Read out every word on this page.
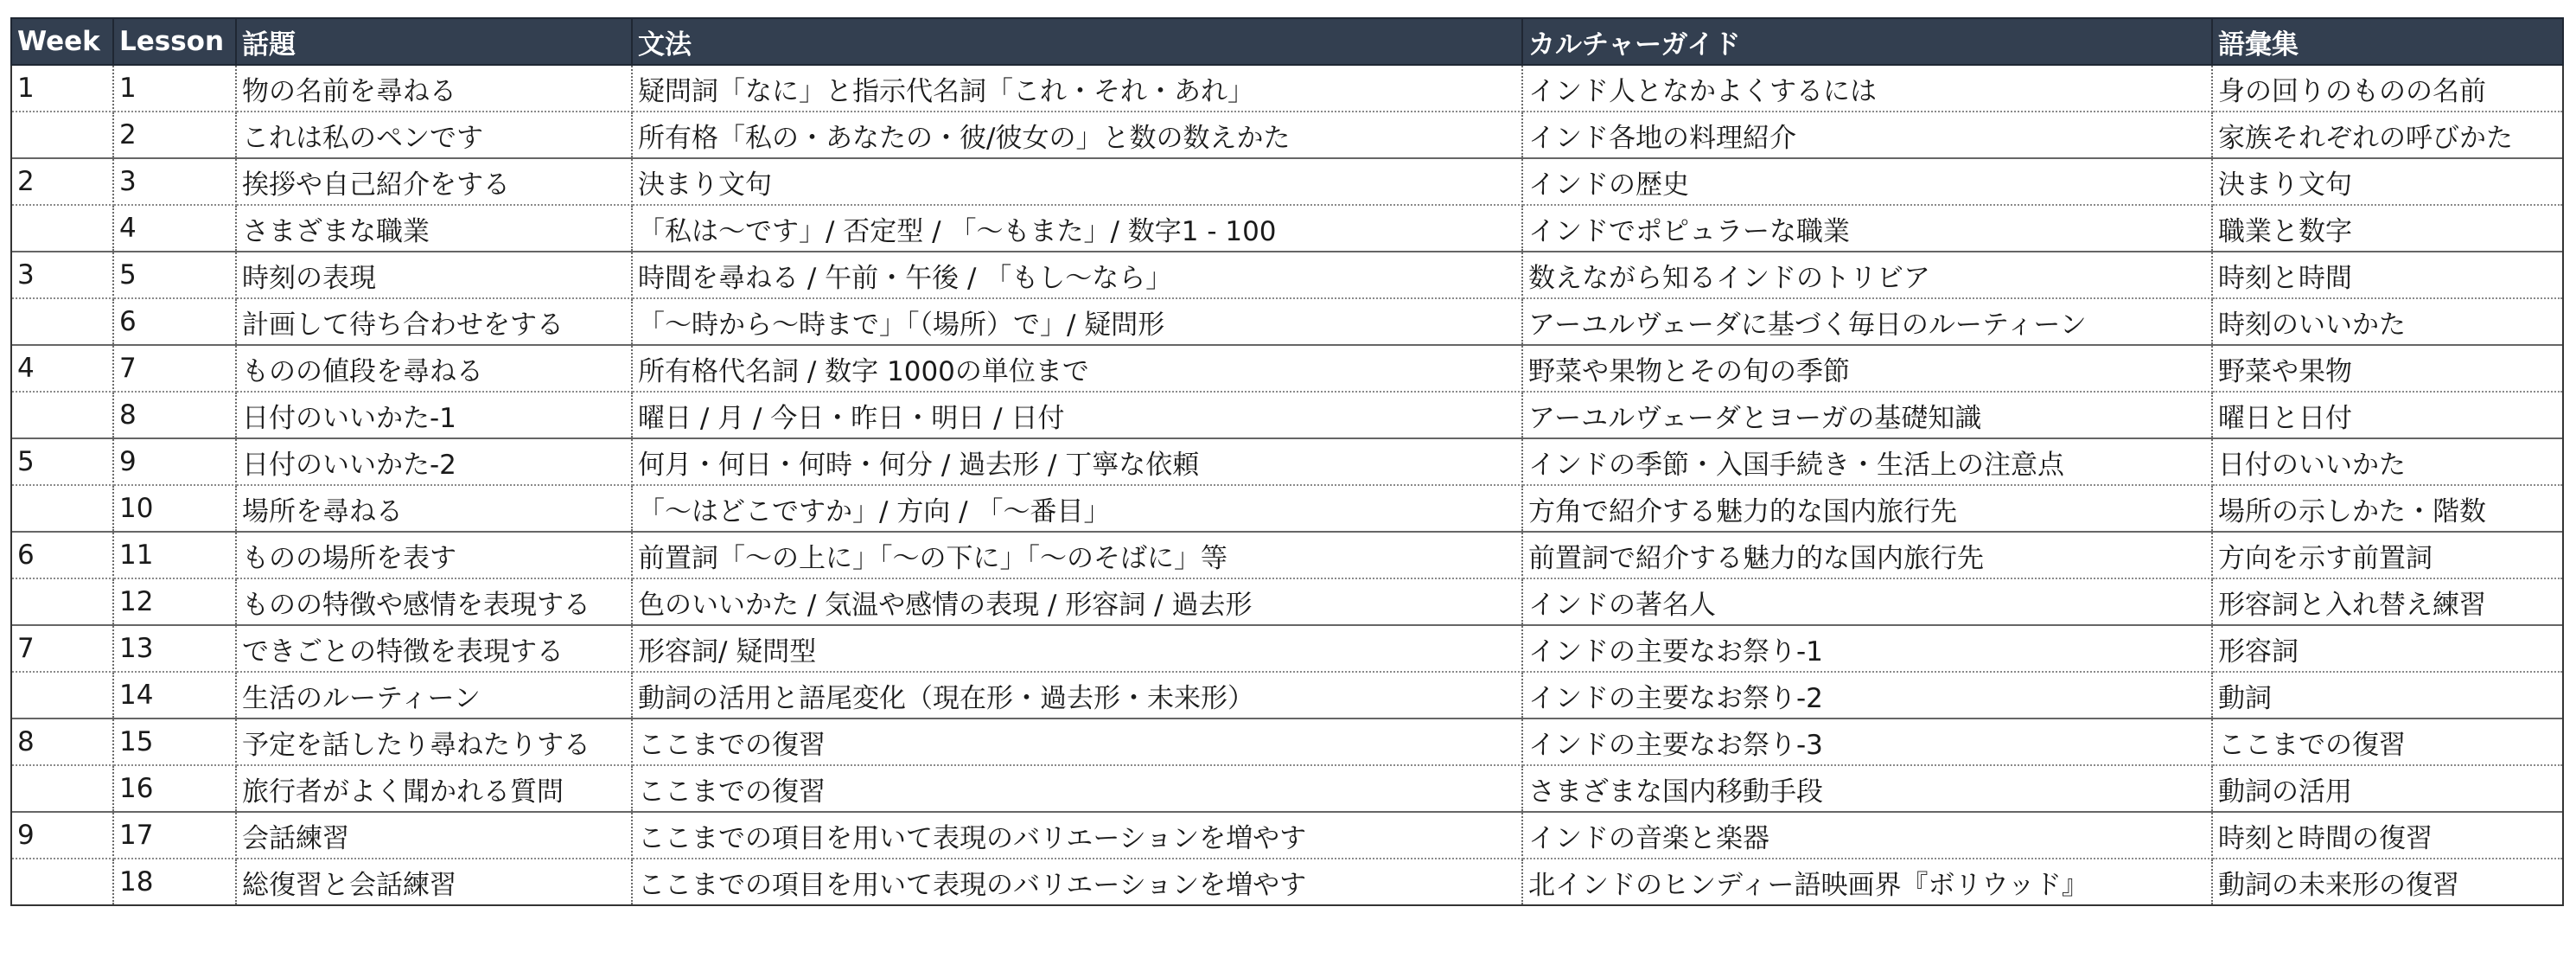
Week	Lesson	話題	文法	カルチャーガイド	語彙集
1	1	物の名前を尋ねる	疑問詞「なに」と指示代名詞「これ・それ・あれ」	インド人となかよくするには	身の回りのものの名前
	2	これは私のペンです	所有格「私の・あなたの・彼/彼女の」と数の数えかた	インド各地の料理紹介	家族それぞれの呼びかた
2	3	挨拶や自己紹介をする	決まり文句	インドの歴史	決まり文句
	4	さまざまな職業	「私は〜です」/ 否定型 / 「〜もまた」/ 数字1 - 100	インドでポピュラーな職業	職業と数字
3	5	時刻の表現	時間を尋ねる / 午前・午後 / 「もし〜なら」	数えながら知るインドのトリビア	時刻と時間
	6	計画して待ち合わせをする	「〜時から〜時まで」「（場所）で」/ 疑問形	アーユルヴェーダに基づく毎日のルーティーン	時刻のいいかた
4	7	ものの値段を尋ねる	所有格代名詞 / 数字 1000の単位まで	野菜や果物とその旬の季節	野菜や果物
	8	日付のいいかた-1	曜日 / 月 / 今日・昨日・明日 / 日付	アーユルヴェーダとヨーガの基礎知識	曜日と日付
5	9	日付のいいかた-2	何月・何日・何時・何分 / 過去形 / 丁寧な依頼	インドの季節・入国手続き・生活上の注意点	日付のいいかた
	10	場所を尋ねる	「〜はどこですか」/ 方向 / 「〜番目」	方角で紹介する魅力的な国内旅行先	場所の示しかた・階数
6	11	ものの場所を表す	前置詞「〜の上に」「〜の下に」「〜のそばに」等	前置詞で紹介する魅力的な国内旅行先	方向を示す前置詞
	12	ものの特徴や感情を表現する	色のいいかた / 気温や感情の表現 / 形容詞 / 過去形	インドの著名人	形容詞と入れ替え練習
7	13	できごとの特徴を表現する	形容詞/ 疑問型	インドの主要なお祭り-1	形容詞
	14	生活のルーティーン	動詞の活用と語尾変化（現在形・過去形・未来形）	インドの主要なお祭り-2	動詞
8	15	予定を話したり尋ねたりする	ここまでの復習	インドの主要なお祭り-3	ここまでの復習
	16	旅行者がよく聞かれる質問	ここまでの復習	さまざまな国内移動手段	動詞の活用
9	17	会話練習	ここまでの項目を用いて表現のバリエーションを増やす	インドの音楽と楽器	時刻と時間の復習
	18	総復習と会話練習	ここまでの項目を用いて表現のバリエーションを増やす	北インドのヒンディー語映画界『ボリウッド』	動詞の未来形の復習
